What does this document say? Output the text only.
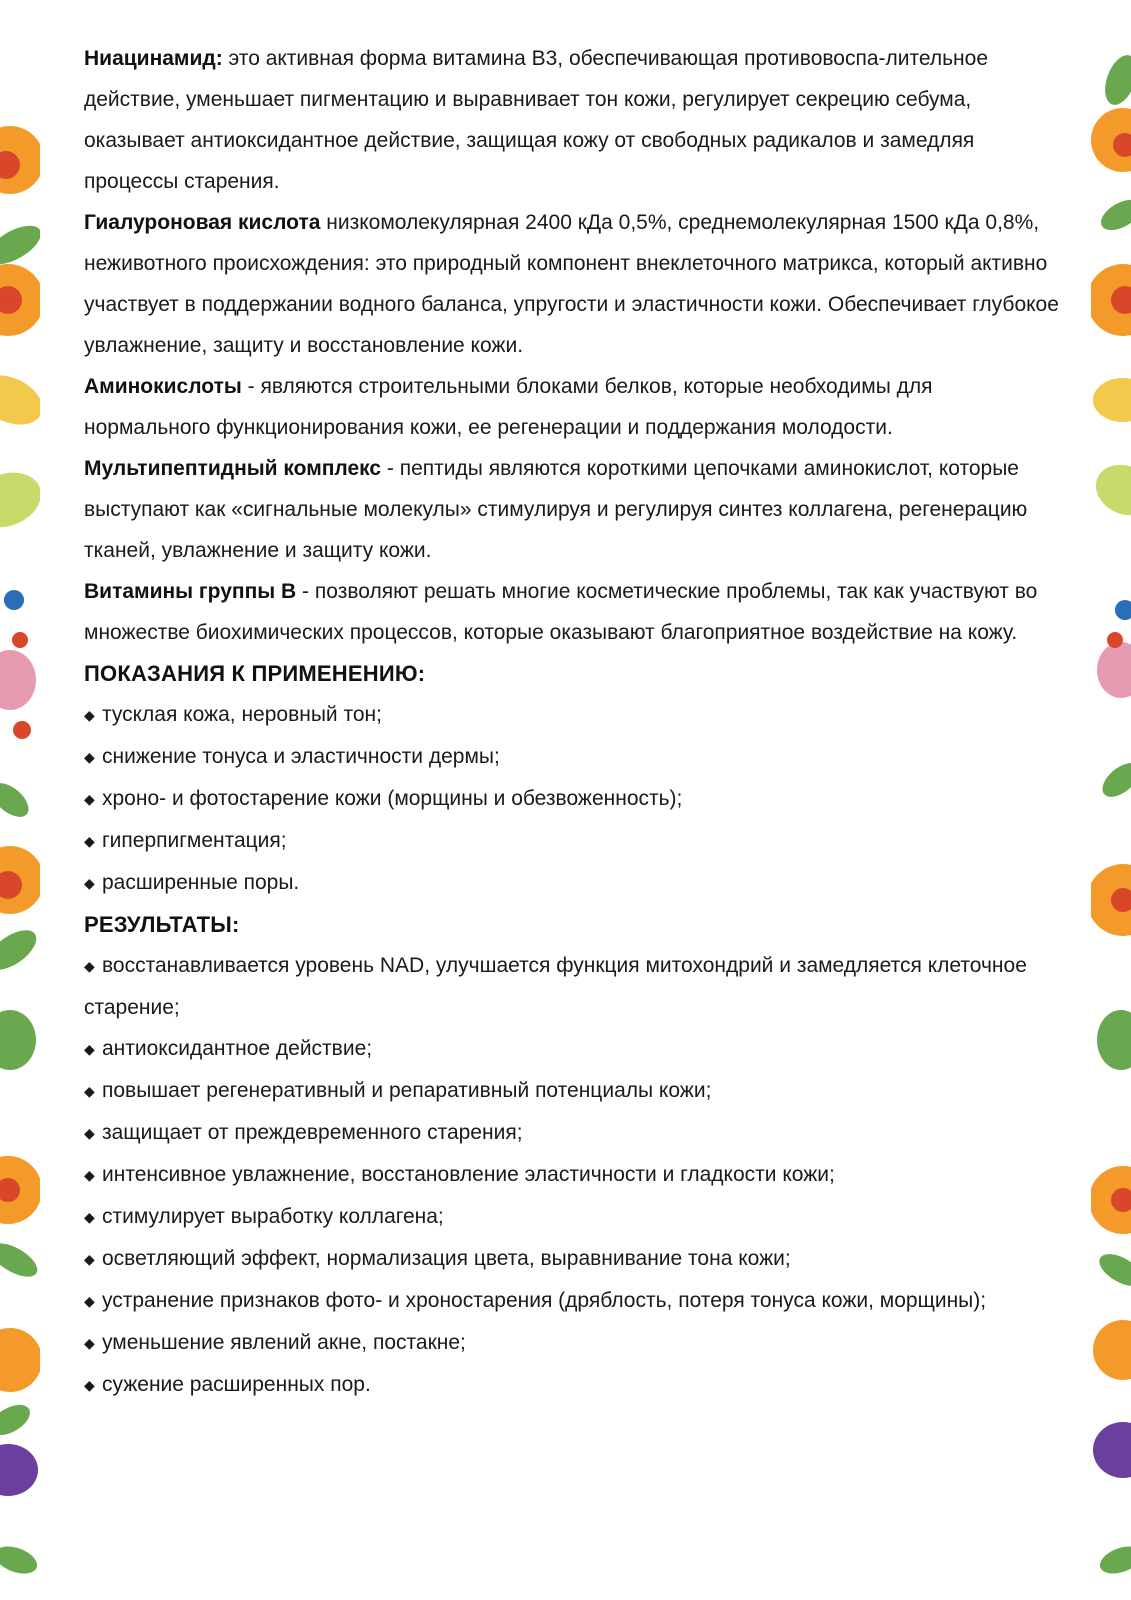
Ниацинамид: это активная форма витамина В3, обеспечивающая противовоспа-лительное действие, уменьшает пигментацию и выравнивает тон кожи, регулирует секрецию себума, оказывает антиоксидантное действие, защищая кожу от свободных радикалов и замедляя процессы старения.

Гиалуроновая кислота низкомолекулярная 2400 кДа 0,5%, среднемолекулярная 1500 кДа 0,8%, неживотного происхождения: это природный компонент внеклеточного матрикса, который активно участвует в поддержании водного баланса, упругости и эластичности кожи. Обеспечивает глубокое увлажнение, защиту и восстановление кожи.

Аминокислоты - являются строительными блоками белков, которые необходимы для нормального функционирования кожи, ее регенерации и поддержания молодости.

Мультипептидный комплекс - пептиды являются короткими цепочками аминокислот, которые выступают как «сигнальные молекулы» стимулируя и регулируя синтез коллагена, регенерацию тканей, увлажнение и защиту кожи.

Витамины группы В - позволяют решать многие косметические проблемы, так как участвуют во множестве биохимических процессов, которые оказывают благоприятное воздействие на кожу.

ПОКАЗАНИЯ К ПРИМЕНЕНИЮ:

◆ тусклая кожа, неровный тон;

◆ снижение тонуса и эластичности дермы;

◆ хроно- и фотостарение кожи (морщины и обезвоженность);

◆ гиперпигментация;

◆ расширенные поры.

РЕЗУЛЬТАТЫ:

◆ восстанавливается уровень NAD, улучшается функция митохондрий и замедляется клеточное старение;

◆ антиоксидантное действие;

◆ повышает регенеративный и репаративный потенциалы кожи;

◆ защищает от преждевременного старения;

◆ интенсивное увлажнение, восстановление эластичности и гладкости кожи;

◆ стимулирует выработку коллагена;

◆ осветляющий эффект, нормализация цвета, выравнивание тона кожи;

◆ устранение признаков фото- и хроностарения (дряблость, потеря тонуса кожи, морщины);

◆ уменьшение явлений акне, постакне;

◆ сужение расширенных пор.
